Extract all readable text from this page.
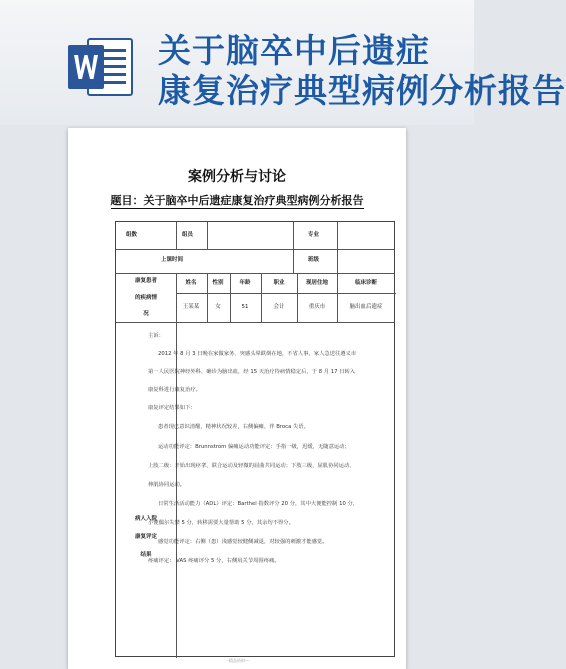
关于脑卒中后遗症
康复治疗典型病例分析报告
案例分析与讨论
题目：关于脑卒中后遗症康复治疗典型病例分析报告
组数	组员	专业
上课时间	班级
康复患者
的疾病情
况
姓名	性别	年龄	职业	现居住地	临床诊断
王某某	女	51	会计	重庆市	脑出血后遗症
病人入院
康复评定
结果
主诉：
2012 年 8 月 3 日晚在家做家务，突感头晕跌倒在地，不省人事，家人急送往遵义市
第一人民医院神经外科，确诊为脑出血，经 15 天治疗待病情稳定后，于 8 月 17 日转入
康复科进行康复治疗。
康复评定结果如下：
患者现已意识清醒，精神状况较差，右侧偏瘫，伴 Broca 失语。
运动功能评定：Brunnstrom 偏瘫运动功能评定：手指一级，迟缓，无随意运动；
上肢二级：开始出现痉挛，联合运动及轻微的屈曲共同运动；下肢三级，屈肌协同运动、
伸肌协同运动。
日常生活活动能力（ADL）评定：Barthel 指数评分 20 分，其中大便能控制 10 分，
小便偶尔失禁 5 分，转移需要大量帮助 5 分，其余均不得分。
感觉功能评定：右侧（患）浅感觉较健侧减退，对较强的刺激才能感觉。
疼痛评定： VAS 疼痛评分 5 分，右侧肩关节周围疼痛。
一精品资料—
